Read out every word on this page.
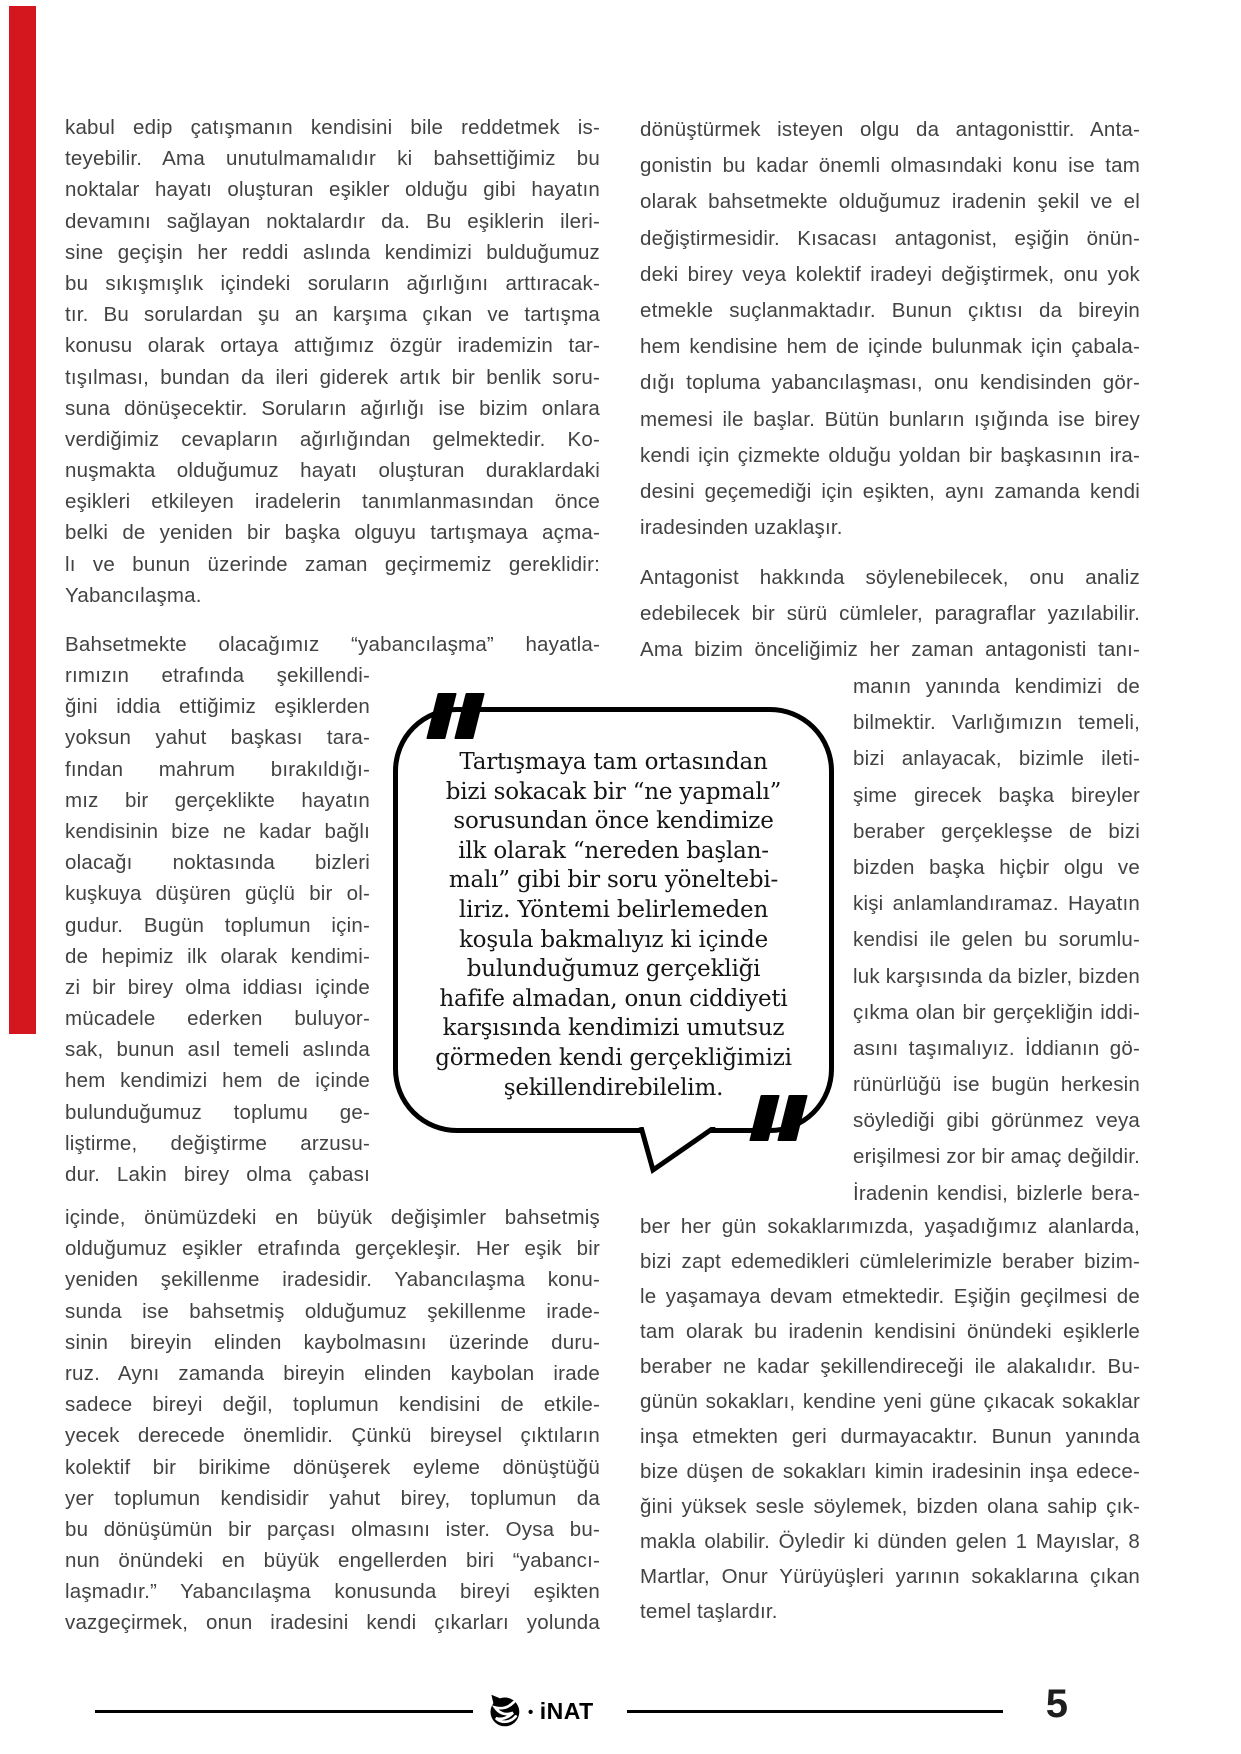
kabul edip çatışmanın kendisini bile reddetmek is-
teyebilir. Ama unutulmamalıdır ki bahsettiğimiz bu
noktalar hayatı oluşturan eşikler olduğu gibi hayatın
devamını sağlayan noktalardır da. Bu eşiklerin ileri-
sine geçişin her reddi aslında kendimizi bulduğumuz
bu sıkışmışlık içindeki soruların ağırlığını arttıracak-
tır. Bu sorulardan şu an karşıma çıkan ve tartışma
konusu olarak ortaya attığımız özgür irademizin tar-
tışılması, bundan da ileri giderek artık bir benlik soru-
suna dönüşecektir. Soruların ağırlığı ise bizim onlara
verdiğimiz cevapların ağırlığından gelmektedir. Ko-
nuşmakta olduğumuz hayatı oluşturan duraklardaki
eşikleri etkileyen iradelerin tanımlanmasından önce
belki de yeniden bir başka olguyu tartışmaya açma-
lı ve bunun üzerinde zaman geçirmemiz gereklidir:
Yabancılaşma.
Bahsetmekte olacağımız “yabancılaşma” hayatla-
rımızın etrafında şekillendi-
ğini iddia ettiğimiz eşiklerden
yoksun yahut başkası tara-
fından mahrum bırakıldığı-
mız bir gerçeklikte hayatın
kendisinin bize ne kadar bağlı
olacağı noktasında bizleri
kuşkuya düşüren güçlü bir ol-
gudur. Bugün toplumun için-
de hepimiz ilk olarak kendimi-
zi bir birey olma iddiası içinde
mücadele ederken buluyor-
sak, bunun asıl temeli aslında
hem kendimizi hem de içinde
bulunduğumuz toplumu ge-
liştirme, değiştirme arzusu-
dur. Lakin birey olma çabası
içinde, önümüzdeki en büyük değişimler bahsetmiş
olduğumuz eşikler etrafında gerçekleşir. Her eşik bir
yeniden şekillenme iradesidir. Yabancılaşma konu-
sunda ise bahsetmiş olduğumuz şekillenme irade-
sinin bireyin elinden kaybolmasını üzerinde duru-
ruz. Aynı zamanda bireyin elinden kaybolan irade
sadece bireyi değil, toplumun kendisini de etkile-
yecek derecede önemlidir. Çünkü bireysel çıktıların
kolektif bir birikime dönüşerek eyleme dönüştüğü
yer toplumun kendisidir yahut birey, toplumun da
bu dönüşümün bir parçası olmasını ister. Oysa bu-
nun önündeki en büyük engellerden biri “yabancı-
laşmadır.” Yabancılaşma konusunda bireyi eşikten
vazgeçirmek, onun iradesini kendi çıkarları yolunda
dönüştürmek isteyen olgu da antagonisttir. Anta-
gonistin bu kadar önemli olmasındaki konu ise tam
olarak bahsetmekte olduğumuz iradenin şekil ve el
değiştirmesidir. Kısacası antagonist, eşiğin önün-
deki birey veya kolektif iradeyi değiştirmek, onu yok
etmekle suçlanmaktadır. Bunun çıktısı da bireyin
hem kendisine hem de içinde bulunmak için çabala-
dığı topluma yabancılaşması, onu kendisinden gör-
memesi ile başlar. Bütün bunların ışığında ise birey
kendi için çizmekte olduğu yoldan bir başkasının ira-
desini geçemediği için eşikten, aynı zamanda kendi
iradesinden uzaklaşır.
Antagonist hakkında söylenebilecek, onu analiz
edebilecek bir sürü cümleler, paragraflar yazılabilir.
Ama bizim önceliğimiz her zaman antagonisti tanı-
manın yanında kendimizi de
bilmektir. Varlığımızın temeli,
bizi anlayacak, bizimle ileti-
şime girecek başka bireyler
beraber gerçekleşse de bizi
bizden başka hiçbir olgu ve
kişi anlamlandıramaz. Hayatın
kendisi ile gelen bu sorumlu-
luk karşısında da bizler, bizden
çıkma olan bir gerçekliğin iddi-
asını taşımalıyız. İddianın gö-
rünürlüğü ise bugün herkesin
söylediği gibi görünmez veya
erişilmesi zor bir amaç değildir.
İradenin kendisi, bizlerle bera-
ber her gün sokaklarımızda, yaşadığımız alanlarda,
bizi zapt edemedikleri cümlelerimizle beraber bizim-
le yaşamaya devam etmektedir. Eşiğin geçilmesi de
tam olarak bu iradenin kendisini önündeki eşiklerle
beraber ne kadar şekillendireceği ile alakalıdır. Bu-
günün sokakları, kendine yeni güne çıkacak sokaklar
inşa etmekten geri durmayacaktır. Bunun yanında
bize düşen de sokakları kimin iradesinin inşa edece-
ğini yüksek sesle söylemek, bizden olana sahip çık-
makla olabilir. Öyledir ki dünden gelen 1 Mayıslar, 8
Martlar, Onur Yürüyüşleri yarının sokaklarına çıkan
temel taşlardır.
Tartışmaya tam ortasından
bizi sokacak bir “ne yapmalı”
sorusundan önce kendimize
ilk olarak “nereden başlan-
malı” gibi bir soru yöneltebi-
liriz. Yöntemi belirlemeden
koşula bakmalıyız ki içinde
bulunduğumuz gerçekliği
hafife almadan, onun ciddiyeti
karşısında kendimizi umutsuz
görmeden kendi gerçekliğimizi
şekillendirebilelim.
• iNAT	5
